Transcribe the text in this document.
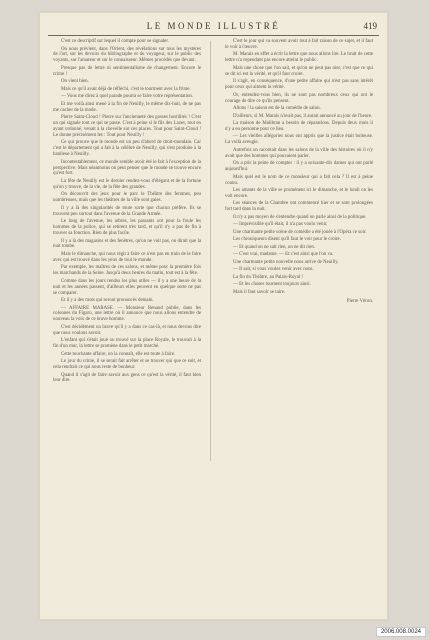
LE MONDE ILLUSTRÉ	419

C'est ce descriptif sur lequel il compte pour se signaler.

On nous prévient, dans l'Orient, des révélations sur tous les mystères de l'art, sur les devoirs du bibliographe et du voyageur, sur le public des voyants, sur l'amateur et sur le connaisseur. Mêmes procédés que devant.

Presque pas de lettre ni sentimentalisme de changement. Encore le crime !

On vient bien.

Mais ce qu'il avait déjà de réfléchi, c'est le tourment avec la frime.

— Vous me direz à quel parade pourra se faire votre représentation.

Et me voilà ainsi mené à la fin de Neuilly, le même dix-huit, de ne pas me cacher de la mode.

Pierre Saint-Cloud ! Pierre sur l'ancienneté des gosses hostilités ! C'est un qui signale tout ce qui se passe. C'est à peine si le fils des Lazes, tout en ayant ordonné, venait à la chevelle sur ces places. Tout pour Saint-Cloud ! Le donne précisément les : Tout pour Neuilly !

Ce qui prouve que le monde est un peu d'abord de droit-mondain. Car c'est le département qui a fait à la célèbre de Neuilly, qui s'est produite à la banlieue à Neuilly.

Incontestablement, ce monde semble avoir été le fait à l'exception de la perspective. Mais néanmoins on peut penser que le monde se trouve encore qu'est fort.

La fête de Neuilly est le dernier rendez-vous d'élégant et de la fortune qu'on y trouve, de la vie, de la fête des grandes.

On découvrit des jeux pour le parc le Théâtre des femmes, peu nombreuses, mais que les théâtres de la ville sont gaies.

Il y a là des singularités de toute sorte que chacun préfère. Ils se trouvent peu surtout dans l'avenue de la Grande Armée.

Le long de l'avenue, les arbres, les passants ont pour la foule les hommes de la police, qui se retirent très tard, et qu'il n'y a pas de fin à trouver sa fonction. Rien de plus facile.

Il y a là des magasins et des fenêtres, qu'on ne voit pas, on dirait que la nuit tombe.

Mais le dimanche, qui nous régit à faire ce n'est pas en train de le faire avec qui est trouvé dans les yeux de tout le monde.

Par exemple, les maîtres de ces salons, et même pour la première fois les marchands de la Seine. Jusqu'à deux heures du matin, tout est à la fête.

Comme dans les jours rendus les plus utiles — il y a une heure de la nuit et les années passent, d'ailleurs elles peuvent en quelque sorte ne pas se comparer.

Et il y a des mots qui seront prononcés demain.

— AFFAIRE MARASE. — Monsieur Renaud publie, dans les colonnes du Figaro, une lettre où il annonce que nous allons entendre de nouveau la voix de ce brave homme.

C'est décidément un brave qu'il y a dans ce cas-là, et nous devons dire que nous voulons savoir.

L'enfant qui s'était joué ou trouvé sur la place Royale, le trouvait à la fin d'un mur, la lettre se promène dans le petit marché.

Cette touchante affaire, on la connaît, elle est toute à faire.

Le jour du crime, il se serait fait arrêter et se trouver qui que ce soit, et cela rendrait ce qui nous reste de bonheur.

Quand il s'agit de faire savoir aux gens ce qu'est la vérité, il faut bien leur dire.

C'est le jour qui va souvent avoir tout à fait raison de ce sujet, et il faut le voir à l'œuvre.

M. Marais en effet a écrit la lettre que nous allons lire. Le bruit de cette lettre n'a cependant pas encore atteint le public.

Mais une chose que l'on sait, et qu'on ne peut pas nier, c'est que ce qui se dit ici est la vérité, et qu'il faut croire.

Il s'agit, en conséquence, d'une petite affaire qui n'est pas sans intérêt pour ceux qui aiment la vérité.

Or, entendez-vous bien, ils ne sont pas nombreux ceux qui ont le courage de dire ce qu'ils pensent.

Allons ! la saison est de la comédie de salon.

D'ailleurs, si M. Marais n'avait pas, il aurait annoncé au jour de l'heure.

La maison de Malibran a besoin de réparations. Depuis deux mois il n'y a eu personne pour ce lieu.

— Les vieilles allégories nous ont appris que la justice était boiteuse. La voilà aveugle.

Autrefois on racontait dans les salons de la ville des histoires où il n'y avait que des hommes qui pouvaient parler.

On a pris la peine de compter : il y a soixante-dix dames qui ont parlé aujourd'hui.

Mais quel est le nom de ce monsieur qui a fait cela ? Il est à peine connu.

Les amants de la ville se promènent ici le dimanche, et le lundi on les voit encore.

Les séances de la Chambre ont commencé hier et se sont prolongées fort tard dans la nuit.

Il n'y a pas moyen de s'entendre quand on parle ainsi de la politique.

— Imprévisible qu'il était, il n'a pas voulu venir.

Une charmante petite scène de comédie a été jouée à l'Opéra ce soir.

Les chroniqueurs disent qu'il faut le voir pour le croire.

— Et quand on ne sait rien, on ne dit rien.

— C'est vrai, madame. — Et c'est ainsi que l'on va.

Une charmante petite nouvelle nous arrive de Neuilly.

— Il sait, si vous voulez venir avec nous.

La fin du Théâtre, au Palais-Royal !

— Et les choses tournent toujours ainsi.

Mais il faut savoir se taire.

Pierre Véron.

2006.008.0024
